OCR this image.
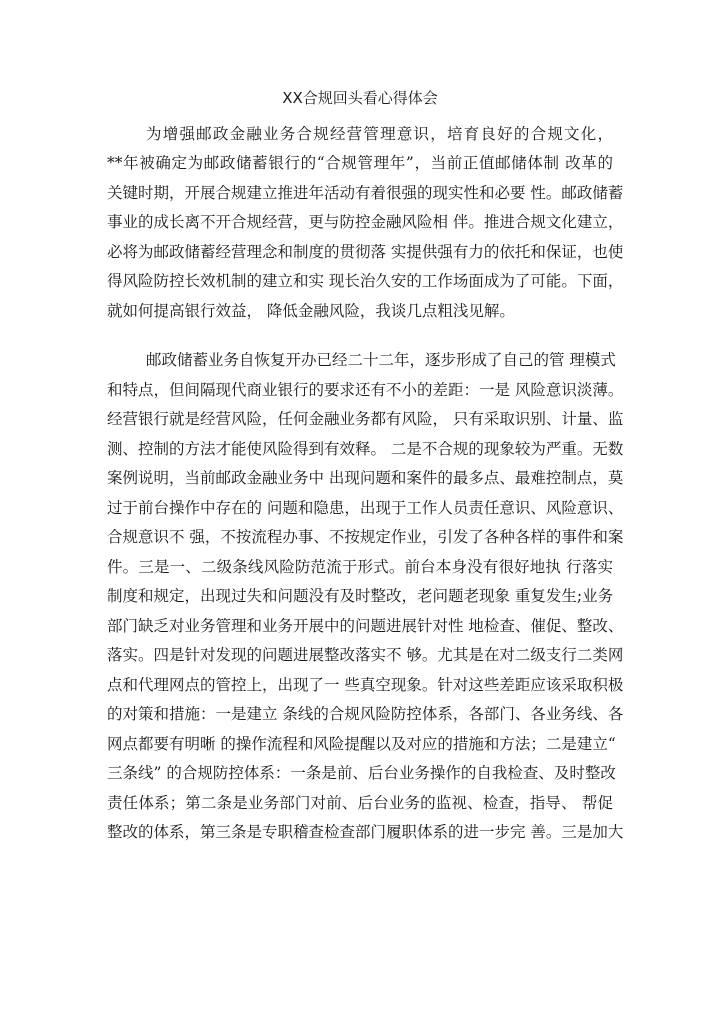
XX合规回头看心得体会

为增强邮政金融业务合规经营管理意识，培育良好的合规文化，

**年被确定为邮政储蓄银行的“合规管理年”，当前正值邮储体制 改革的

关键时期，开展合规建立推进年活动有着很强的现实性和必要 性。邮政储蓄

事业的成长离不开合规经营，更与防控金融风险相 伴。推进合规文化建立，

必将为邮政储蓄经营理念和制度的贯彻落 实提供强有力的依托和保证，也使

得风险防控长效机制的建立和实 现长治久安的工作场面成为了可能。下面，

就如何提高银行效益， 降低金融风险，我谈几点粗浅见解。

邮政储蓄业务自恢复开办已经二十二年，逐步形成了自己的管 理模式

和特点，但间隔现代商业银行的要求还有不小的差距：一是 风险意识淡薄。

经营银行就是经营风险，任何金融业务都有风险， 只有采取识别、计量、监

测、控制的方法才能使风险得到有效释。 二是不合规的现象较为严重。无数

案例说明，当前邮政金融业务中 出现问题和案件的最多点、最难控制点，莫

过于前台操作中存在的 问题和隐患，出现于工作人员责任意识、风险意识、

合规意识不 强，不按流程办事、不按规定作业，引发了各种各样的事件和案

件。三是一、二级条线风险防范流于形式。前台本身没有很好地执 行落实

制度和规定，出现过失和问题没有及时整改，老问题老现象 重复发生;业务

部门缺乏对业务管理和业务开展中的问题进展针对性 地检查、催促、整改、

落实。四是针对发现的问题进展整改落实不 够。尤其是在对二级支行二类网

点和代理网点的管控上，出现了一 些真空现象。针对这些差距应该采取积极

的对策和措施：一是建立 条线的合规风险防控体系，各部门、各业务线、各

网点都要有明晰 的操作流程和风险提醒以及对应的措施和方法；二是建立“

三条线” 的合规防控体系：一条是前、后台业务操作的自我检查、及时整改

责任体系；第二条是业务部门对前、后台业务的监视、检查，指导、 帮促

整改的体系，第三条是专职稽查检查部门履职体系的进一步完 善。三是加大
